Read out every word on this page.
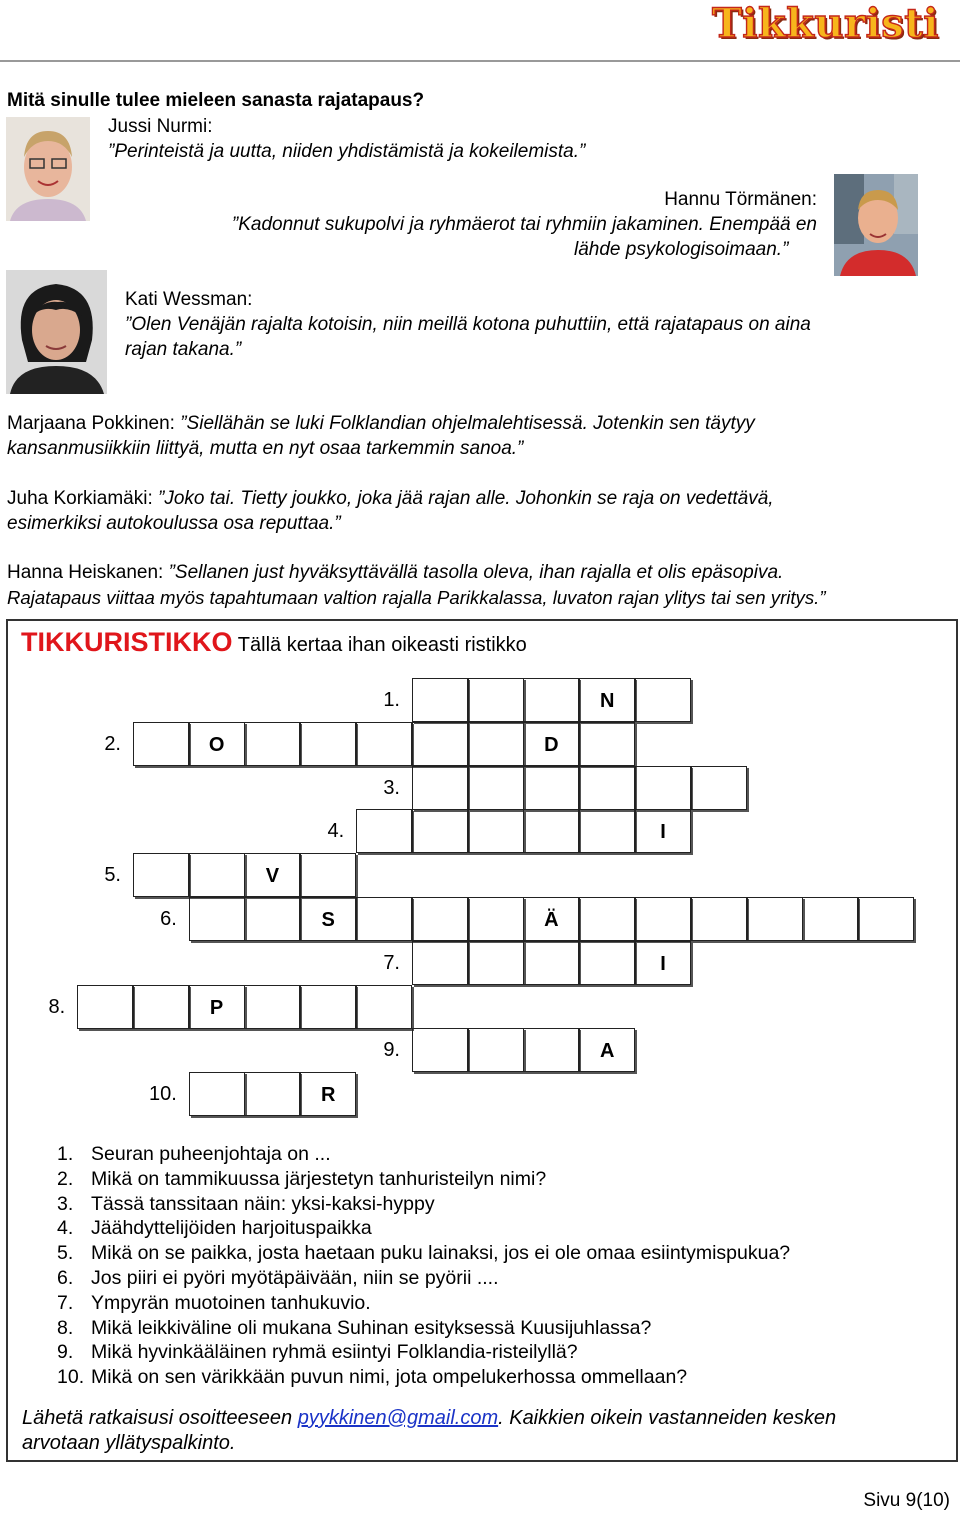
Tikkuristi
Mitä sinulle tulee mieleen sanasta rajatapaus?
Jussi Nurmi:
”Perinteistä ja uutta, niiden yhdistämistä ja kokeilemista.”
Hannu Törmänen:
”Kadonnut sukupolvi ja ryhmäerot tai ryhmiin jakaminen. Enempää en
lähde psykologisoimaan.”
Kati Wessman:
”Olen Venäjän rajalta kotoisin, niin meillä kotona puhuttiin, että rajatapaus on aina
rajan takana.”
Marjaana Pokkinen: ”Siellähän se luki Folklandian ohjelmalehtisessä. Jotenkin sen täytyy
kansanmusiikkiin liittyä, mutta en nyt osaa tarkemmin sanoa.”
Juha Korkiamäki: ”Joko tai. Tietty joukko, joka jää rajan alle. Johonkin se raja on vedettävä,
esimerkiksi autokoulussa osa reputtaa.”
Hanna Heiskanen: ”Sellanen just hyväksyttävällä tasolla oleva, ihan rajalla et olis epäsopiva.
Rajatapaus viittaa myös tapahtumaan valtion rajalla Parikkalassa, luvaton rajan ylitys tai sen yritys.”
TIKKURISTIKKO Tällä kertaa ihan oikeasti ristikko
1.	N
2.	O	D
3.
4.	I
5.	V
6.	S	Ä
7.	I
8.	P
9.	A
10.	R
1. Seuran puheenjohtaja on ...
2. Mikä on tammikuussa järjestetyn tanhuristeilyn nimi?
3. Tässä tanssitaan näin: yksi-kaksi-hyppy
4. Jäähdyttelijöiden harjoituspaikka
5. Mikä on se paikka, josta haetaan puku lainaksi, jos ei ole omaa esiintymispukua?
6. Jos piiri ei pyöri myötäpäivään, niin se pyörii ....
7. Ympyrän muotoinen tanhukuvio.
8. Mikä leikkiväline oli mukana Suhinan esityksessä Kuusijuhlassa?
9. Mikä hyvinkääläinen ryhmä esiintyi Folklandia-risteilyllä?
10. Mikä on sen värikkään puvun nimi, jota ompelukerhossa ommellaan?
Lähetä ratkaisusi osoitteeseen pyykkinen@gmail.com. Kaikkien oikein vastanneiden kesken
arvotaan yllätyspalkinto.
Sivu 9(10)
